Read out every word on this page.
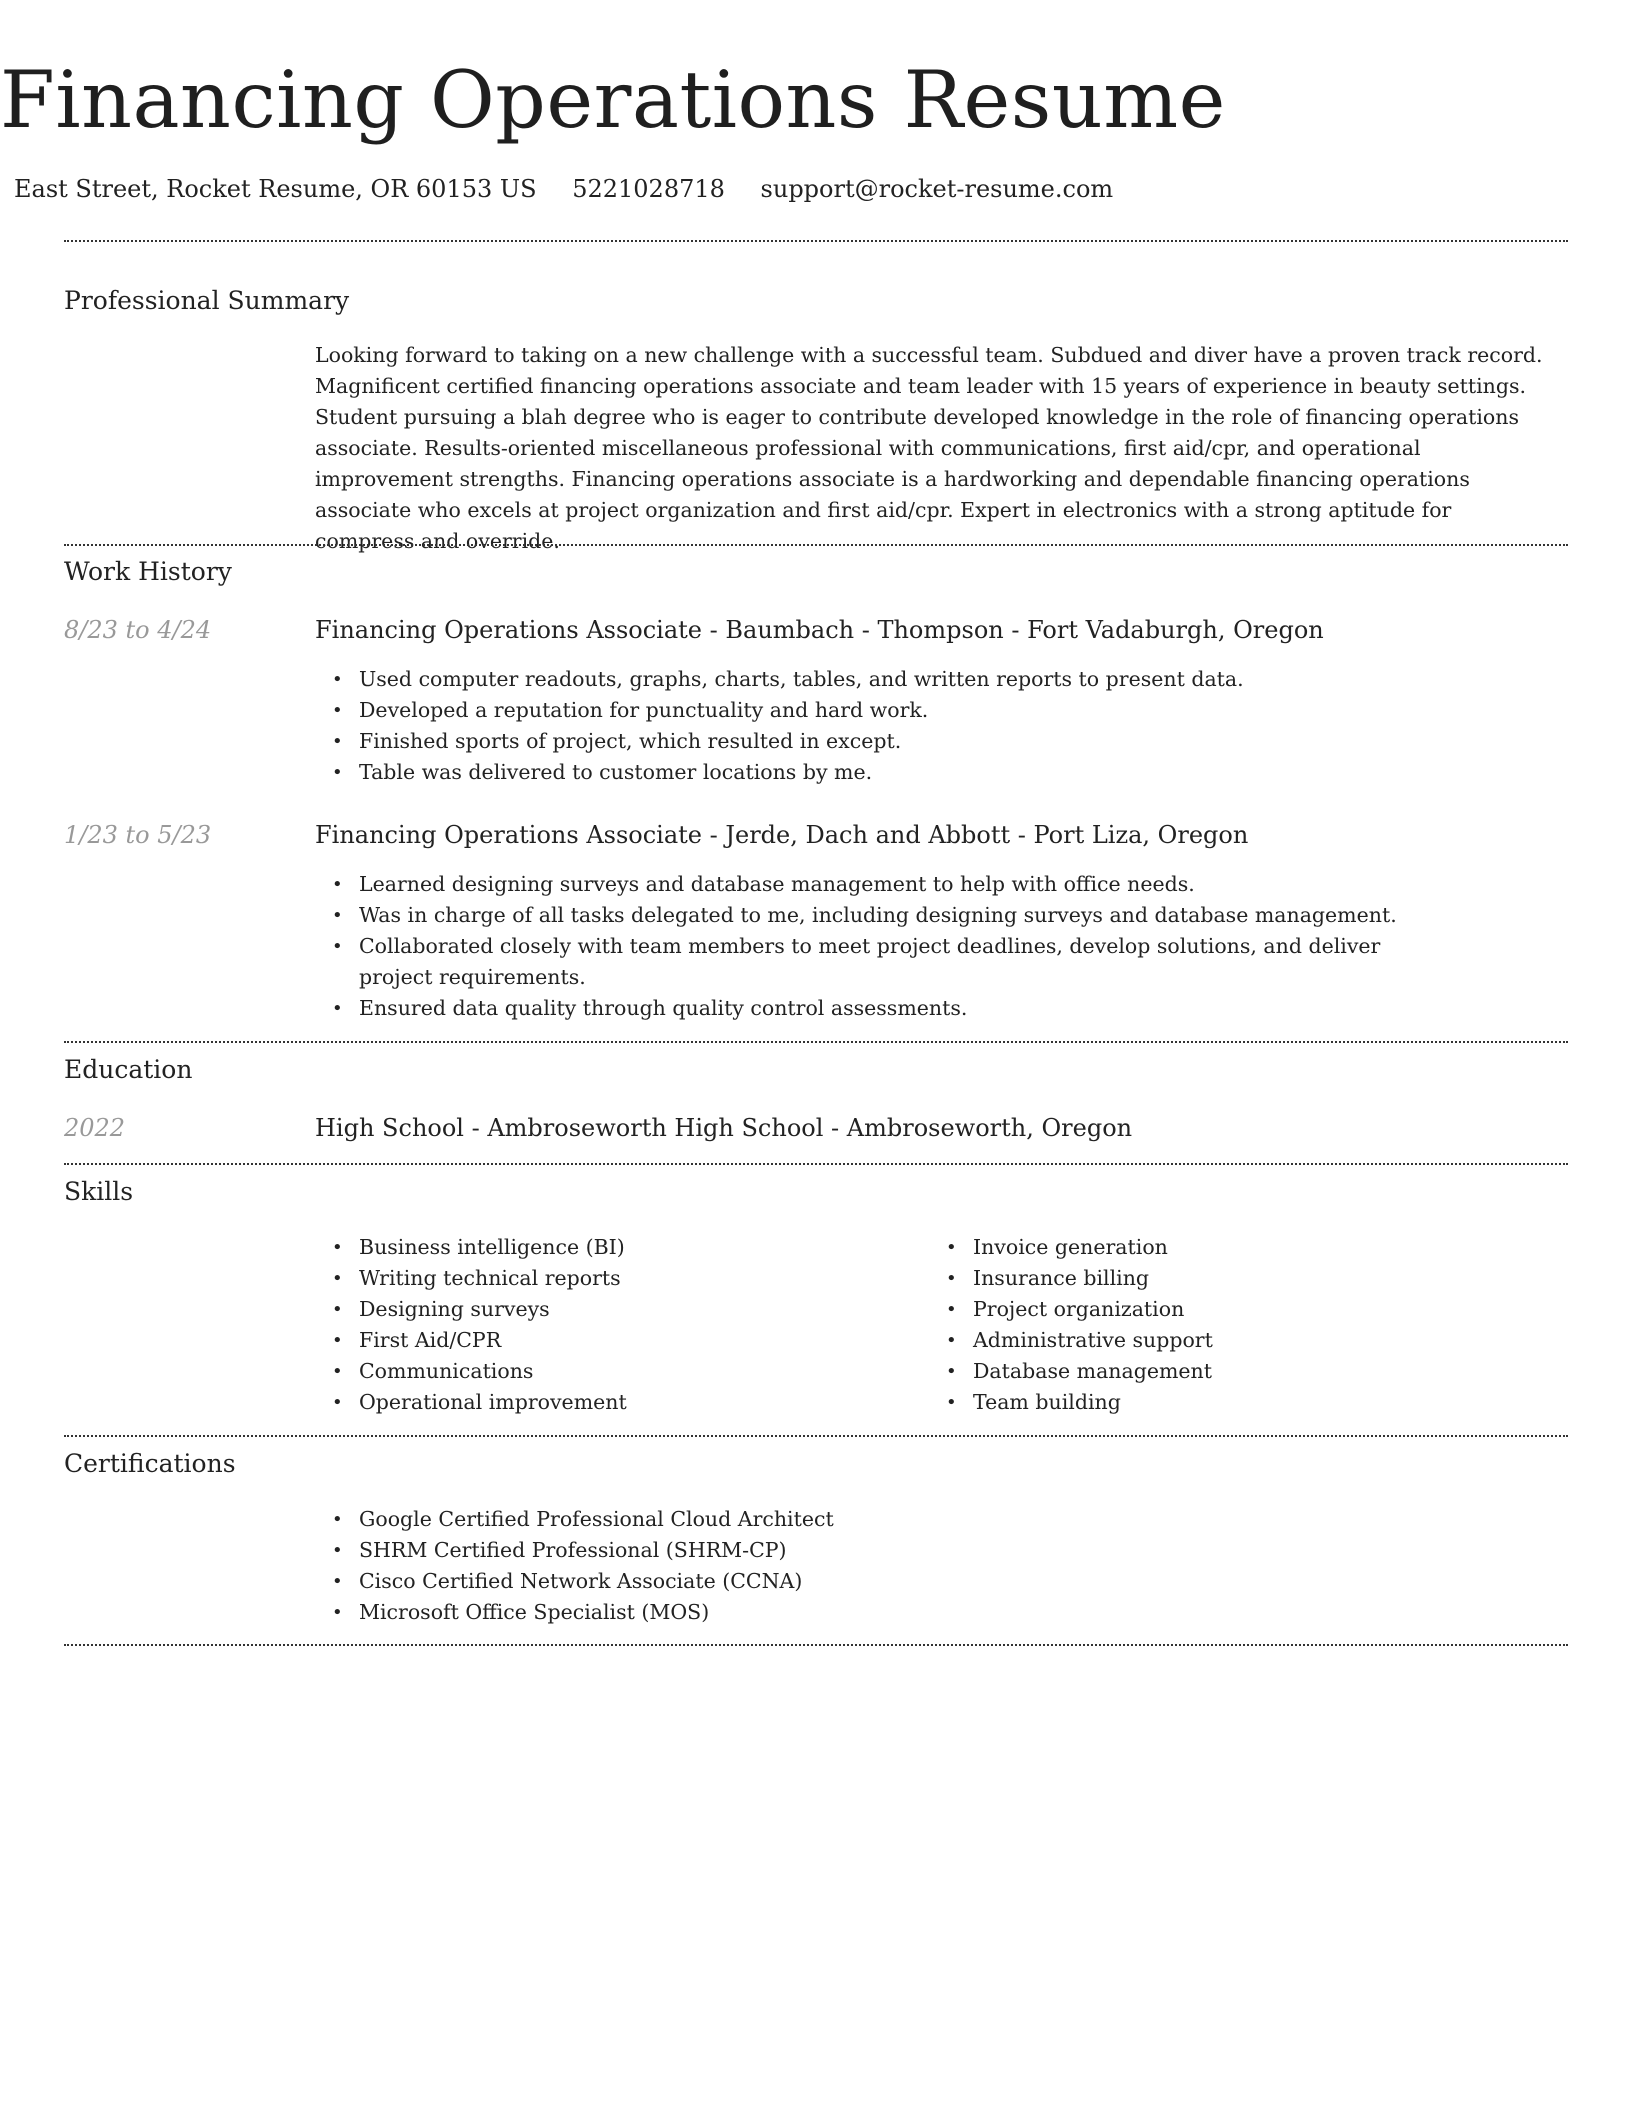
Financing Operations Resume
East Street, Rocket Resume, OR 60153 US 5221028718 support@rocket-resume.com
Professional Summary

Looking forward to taking on a new challenge with a successful team. Subdued and diver have a proven track record. Magnificent certified financing operations associate and team leader with 15 years of experience in beauty settings. Student pursuing a blah degree who is eager to contribute developed knowledge in the role of financing operations associate. Results-oriented miscellaneous professional with communications, first aid/cpr, and operational improvement strengths. Financing operations associate is a hardworking and dependable financing operations associate who excels at project organization and first aid/cpr. Expert in electronics with a strong aptitude for compress and override.

Work History
8/23 to 4/24	Financing Operations Associate - Baumbach - Thompson - Fort Vadaburgh, Oregon
• Used computer readouts, graphs, charts, tables, and written reports to present data.
• Developed a reputation for punctuality and hard work.
• Finished sports of project, which resulted in except.
• Table was delivered to customer locations by me.
1/23 to 5/23	Financing Operations Associate - Jerde, Dach and Abbott - Port Liza, Oregon
• Learned designing surveys and database management to help with office needs.
• Was in charge of all tasks delegated to me, including designing surveys and database management.
• Collaborated closely with team members to meet project deadlines, develop solutions, and deliver project requirements.
• Ensured data quality through quality control assessments.
Education
2022	High School - Ambroseworth High School - Ambroseworth, Oregon
Skills
• Business intelligence (BI)
• Writing technical reports
• Designing surveys
• First Aid/CPR
• Communications
• Operational improvement
• Invoice generation
• Insurance billing
• Project organization
• Administrative support
• Database management
• Team building
Certifications
• Google Certified Professional Cloud Architect
• SHRM Certified Professional (SHRM-CP)
• Cisco Certified Network Associate (CCNA)
• Microsoft Office Specialist (MOS)
